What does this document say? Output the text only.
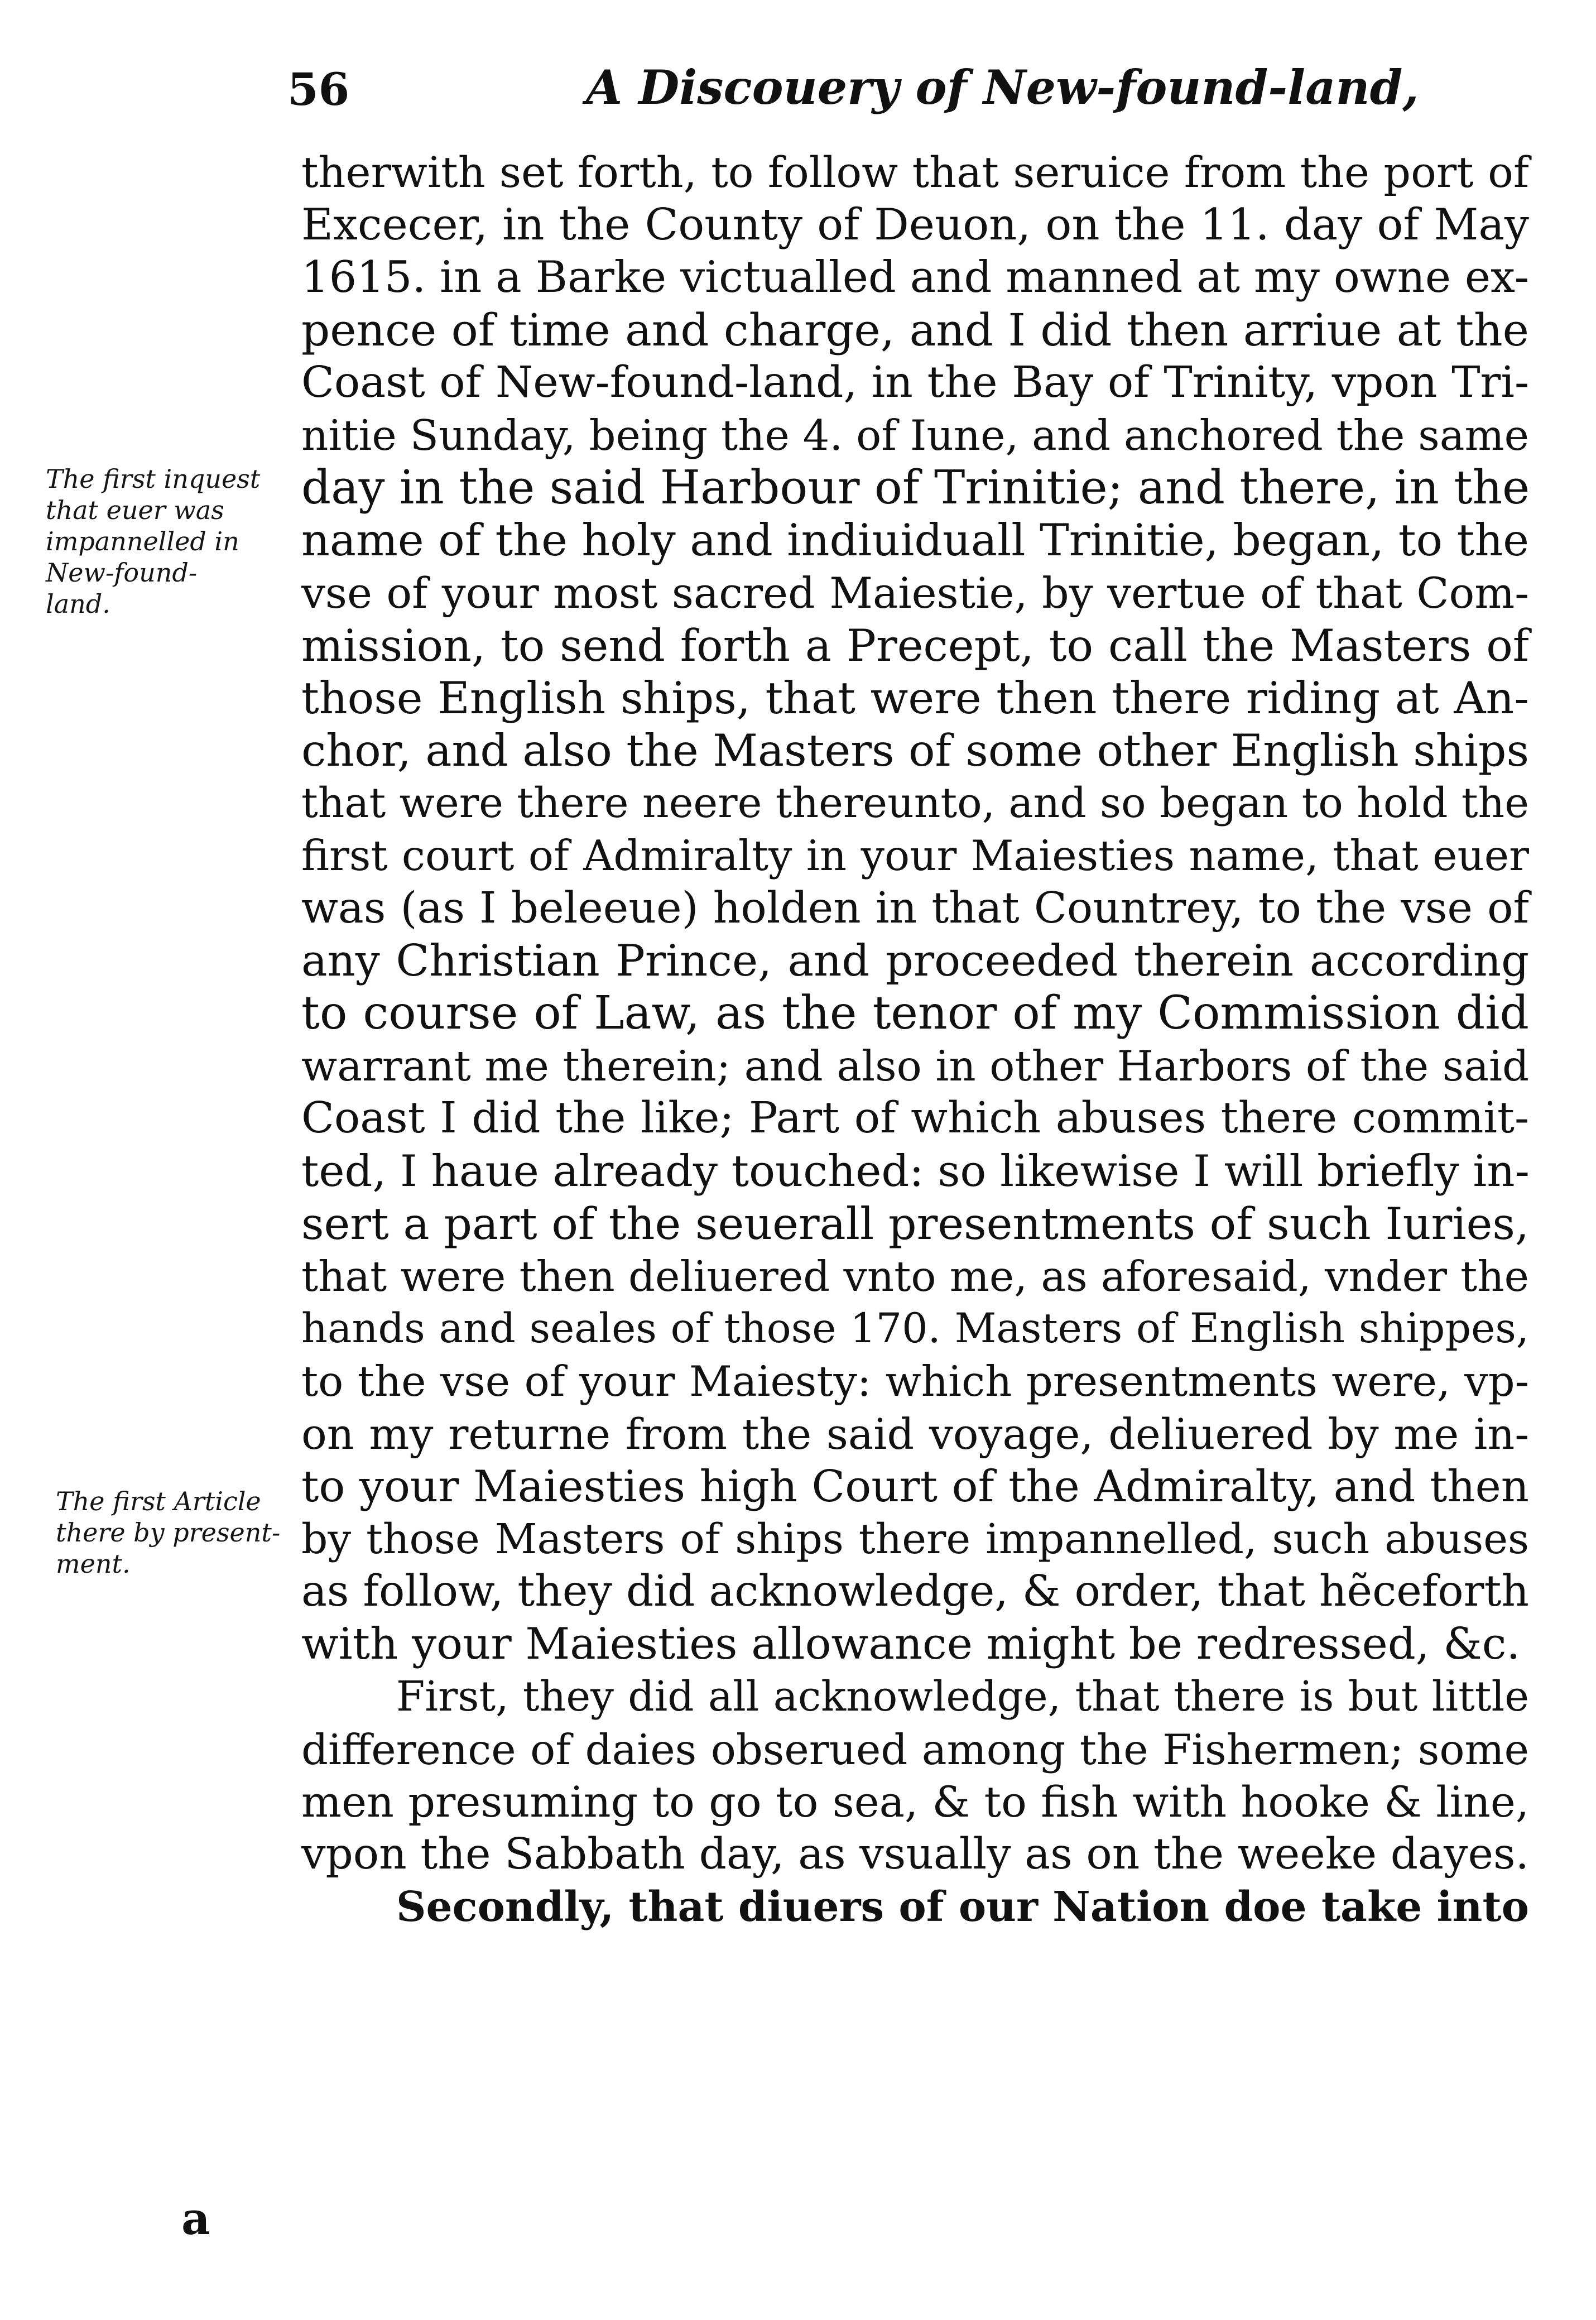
56	A Discouery of New-found-land,
The first inquest
that euer was
impannelled in
New-found-
land.
The first Article
there by present-
ment.
therwith set forth, to follow that seruice from the port of
Excecer, in the County of Deuon, on the 11. day of May
1615. in a Barke victualled and manned at my owne ex-
pence of time and charge, and I did then arriue at the
Coast of New-found-land, in the Bay of Trinity, vpon Tri-
nitie Sunday, being the 4. of Iune, and anchored the same
day in the said Harbour of Trinitie; and there, in the
name of the holy and indiuiduall Trinitie, began, to the
vse of your most sacred Maiestie, by vertue of that Com-
mission, to send forth a Precept, to call the Masters of
those English ships, that were then there riding at An-
chor, and also the Masters of some other English ships
that were there neere thereunto, and so began to hold the
first court of Admiralty in your Maiesties name, that euer
was (as I beleeue) holden in that Countrey, to the vse of
any Christian Prince, and proceeded therein according
to course of Law, as the tenor of my Commission did
warrant me therein; and also in other Harbors of the said
Coast I did the like; Part of which abuses there commit-
ted, I haue already touched: so likewise I will briefly in-
sert a part of the seuerall presentments of such Iuries,
that were then deliuered vnto me, as aforesaid, vnder the
hands and seales of those 170. Masters of English shippes,
to the vse of your Maiesty: which presentments were, vp-
on my returne from the said voyage, deliuered by me in-
to your Maiesties high Court of the Admiralty, and then
by those Masters of ships there impannelled, such abuses
as follow, they did acknowledge, & order, that hẽceforth
with your Maiesties allowance might be redressed, &c.
First, they did all acknowledge, that there is but little
difference of daies obserued among the Fishermen; some
men presuming to go to sea, & to fish with hooke & line,
vpon the Sabbath day, as vsually as on the weeke dayes.
Secondly, that diuers of our Nation doe take into
a
